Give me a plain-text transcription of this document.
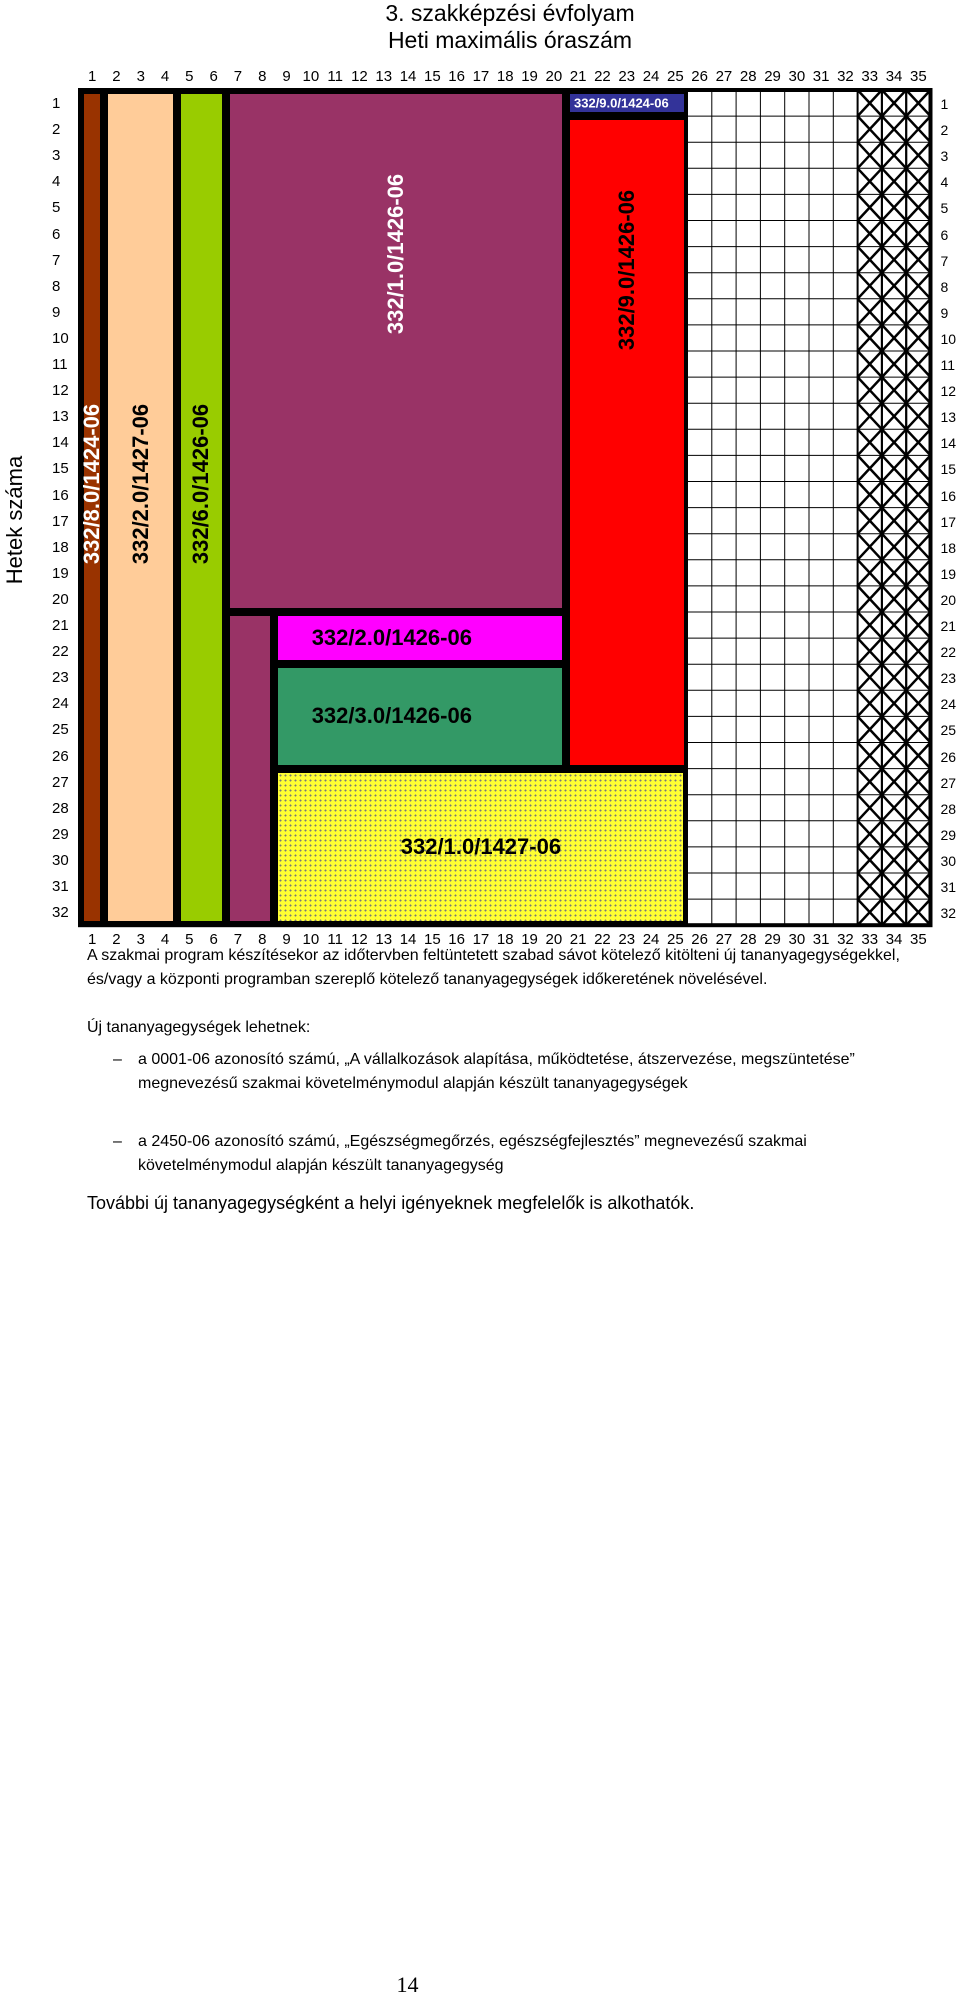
3. szakképzési évfolyam
Heti maximális óraszám
Hetek száma 332/8.0/1424-06 332/2.0/1427-06 332/6.0/1426-06
332/1.0/1426-06
332/2.0/1426-06
332/3.0/1426-06
332/1.0/1427-06
332/9.0/1424-06
332/9.0/1426-06
1
1
2
2
3
3
4
4
5
5
6
6
7
7
8
8
9
9
10
10
11
11
12
12
13
13
14
14
15
15
16
16
17
17
18
18
19
19
20
20
21
21
22
22
23
23
24
24
25
25
26
26
27
27
28
28
29
29
30
30
31
31
32
32
33
33
34
34
35
35
1	1
2	2
3	3
4	4
5	5
6	6
7	7
8	8
9	9
10	10
11	11
12	12
13	13
14	14
15	15
16	16
17	17
18	18
19	19
20	20
21	21
22	22
23	23
24	24
25	25
26	26
27	27
28	28
29	29
30	30
31	31
32	32
A szakmai program készítésekor az időtervben feltüntetett szabad sávot kötelező kitölteni új tananyagegységekkel, és/vagy a központi programban szereplő kötelező tananyagegységek időkeretének növelésével.
Új tananyagegységek lehetnek:
– a 0001-06 azonosító számú, „A vállalkozások alapítása, működtetése, átszervezése, megszüntetése” megnevezésű szakmai követelménymodul alapján készült tananyagegységek
– a 2450-06 azonosító számú, „Egészségmegőrzés, egészségfejlesztés” megnevezésű szakmai követelménymodul alapján készült tananyagegység
További új tananyagegységként a helyi igényeknek megfelelők is alkothatók.
14
